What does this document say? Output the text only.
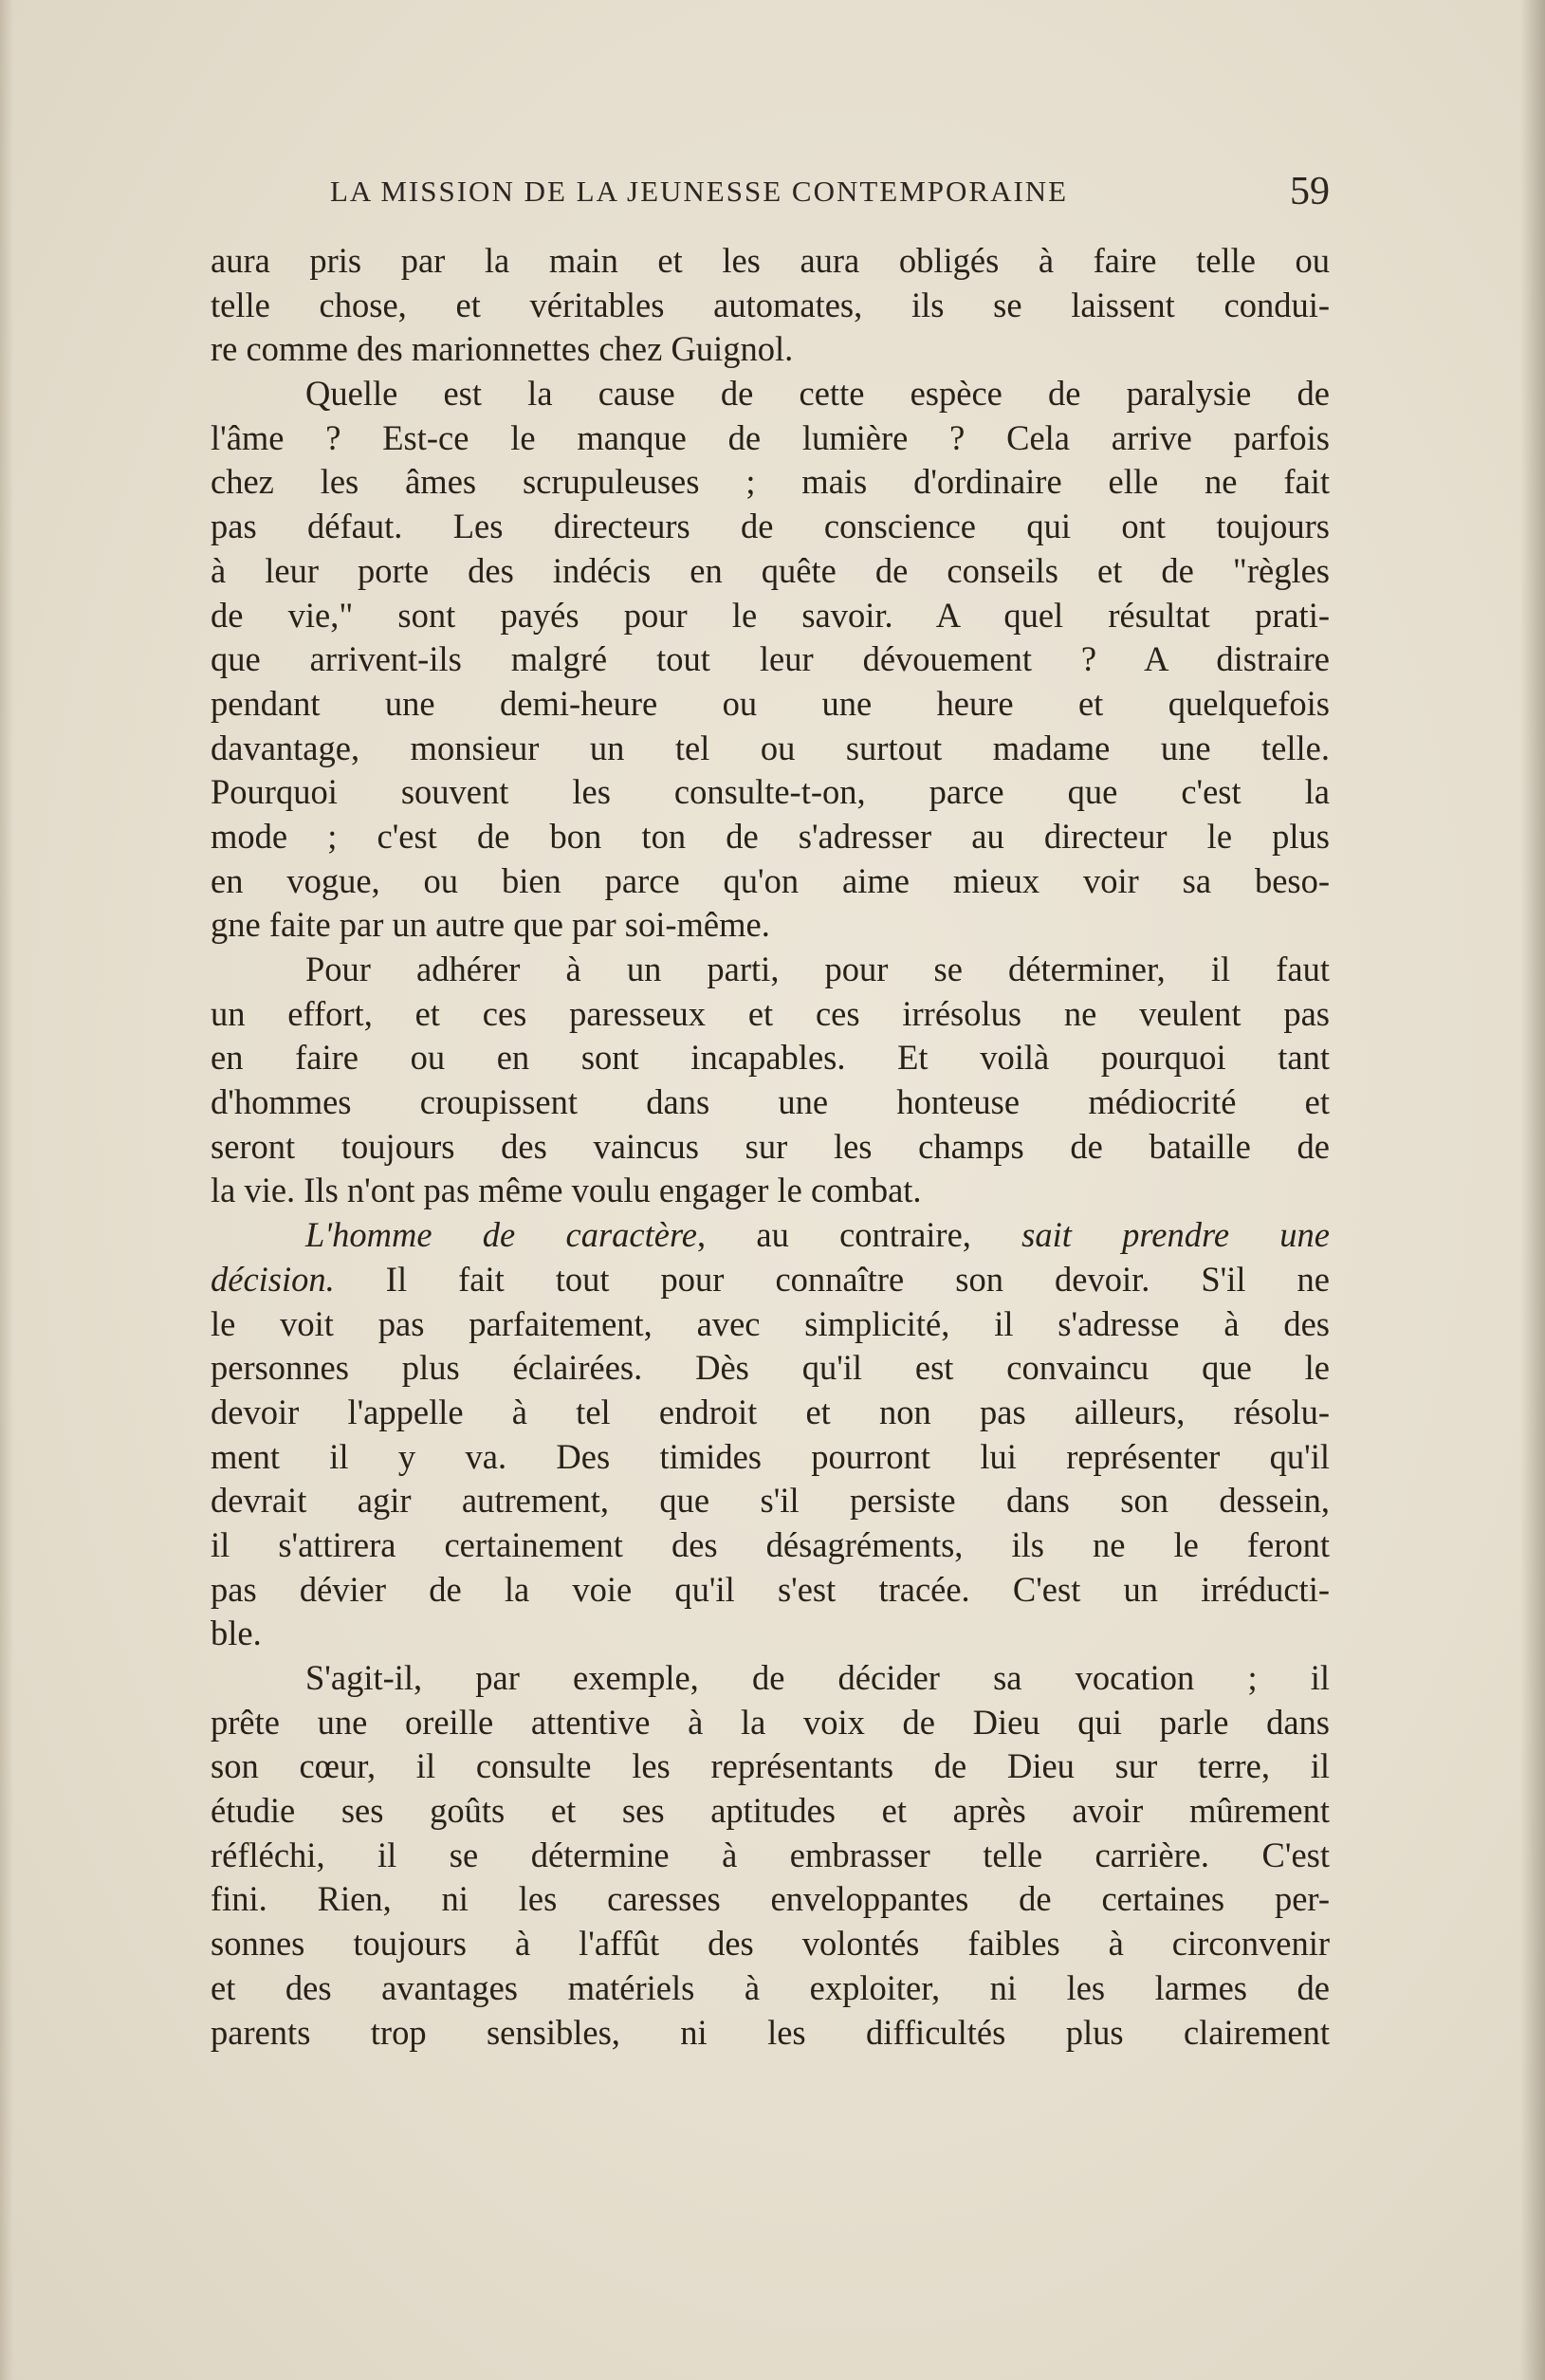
LA MISSION DE LA JEUNESSE CONTEMPORAINE	59
aura pris par la main et les aura obligés à faire telle ou
telle chose, et véritables automates, ils se laissent condui-
re comme des marionnettes chez Guignol.
Quelle est la cause de cette espèce de paralysie de
l'âme ? Est-ce le manque de lumière ? Cela arrive parfois
chez les âmes scrupuleuses ; mais d'ordinaire elle ne fait
pas défaut. Les directeurs de conscience qui ont toujours
à leur porte des indécis en quête de conseils et de "règles
de vie," sont payés pour le savoir. A quel résultat prati-
que arrivent-ils malgré tout leur dévouement ? A distraire
pendant une demi-heure ou une heure et quelquefois
davantage, monsieur un tel ou surtout madame une telle.
Pourquoi souvent les consulte-t-on, parce que c'est la
mode ; c'est de bon ton de s'adresser au directeur le plus
en vogue, ou bien parce qu'on aime mieux voir sa beso-
gne faite par un autre que par soi-même.
Pour adhérer à un parti, pour se déterminer, il faut
un effort, et ces paresseux et ces irrésolus ne veulent pas
en faire ou en sont incapables. Et voilà pourquoi tant
d'hommes croupissent dans une honteuse médiocrité et
seront toujours des vaincus sur les champs de bataille de
la vie. Ils n'ont pas même voulu engager le combat.
L'homme de caractère, au contraire, sait prendre une
décision. Il fait tout pour connaître son devoir. S'il ne
le voit pas parfaitement, avec simplicité, il s'adresse à des
personnes plus éclairées. Dès qu'il est convaincu que le
devoir l'appelle à tel endroit et non pas ailleurs, résolu-
ment il y va. Des timides pourront lui représenter qu'il
devrait agir autrement, que s'il persiste dans son dessein,
il s'attirera certainement des désagréments, ils ne le feront
pas dévier de la voie qu'il s'est tracée. C'est un irréducti-
ble.
S'agit-il, par exemple, de décider sa vocation ; il
prête une oreille attentive à la voix de Dieu qui parle dans
son cœur, il consulte les représentants de Dieu sur terre, il
étudie ses goûts et ses aptitudes et après avoir mûrement
réfléchi, il se détermine à embrasser telle carrière. C'est
fini. Rien, ni les caresses enveloppantes de certaines per-
sonnes toujours à l'affût des volontés faibles à circonvenir
et des avantages matériels à exploiter, ni les larmes de
parents trop sensibles, ni les difficultés plus clairement
